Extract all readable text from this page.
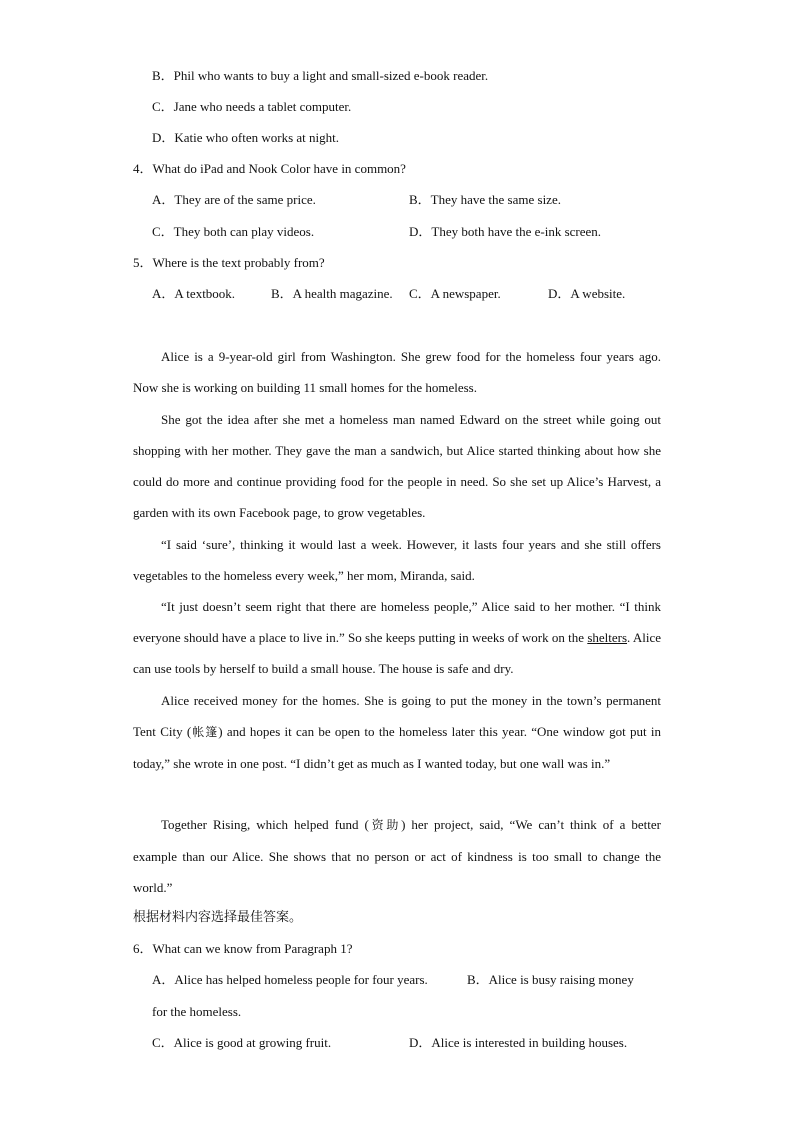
B．Phil who wants to buy a light and small-sized e-book reader.
C．Jane who needs a tablet computer.
D．Katie who often works at night.
4．What do iPad and Nook Color have in common?
A．They are of the same price.	B．They have the same size.
C．They both can play videos.	D．They both have the e-ink screen.
5．Where is the text probably from?
A．A textbook.	B．A health magazine. C．A newspaper.	D．A website.
Alice is a 9-year-old girl from Washington. She grew food for the homeless four years ago. Now she is working on building 11 small homes for the homeless.
She got the idea after she met a homeless man named Edward on the street while going out shopping with her mother. They gave the man a sandwich, but Alice started thinking about how she could do more and continue providing food for the people in need. So she set up Alice’s Harvest, a garden with its own Facebook page, to grow vegetables.
“I said ‘sure’, thinking it would last a week. However, it lasts four years and she still offers vegetables to the homeless every week,” her mom, Miranda, said.
“It just doesn’t seem right that there are homeless people,” Alice said to her mother. “I think everyone should have a place to live in.” So she keeps putting in weeks of work on the shelters. Alice can use tools by herself to build a small house. The house is safe and dry.
Alice received money for the homes. She is going to put the money in the town’s permanent Tent City (帐篷) and hopes it can be open to the homeless later this year. “One window got put in today,” she wrote in one post. “I didn’t get as much as I wanted today, but one wall was in.”
Together Rising, which helped fund (资助) her project, said, “We can’t think of a better example than our Alice. She shows that no person or act of kindness is too small to change the world.”
根据材料内容选择最佳答案。
6．What can we know from Paragraph 1?
A．Alice has helped homeless people for four years.	B．Alice is busy raising money
for the homeless.
C．Alice is good at growing fruit.	D．Alice is interested in building houses.
